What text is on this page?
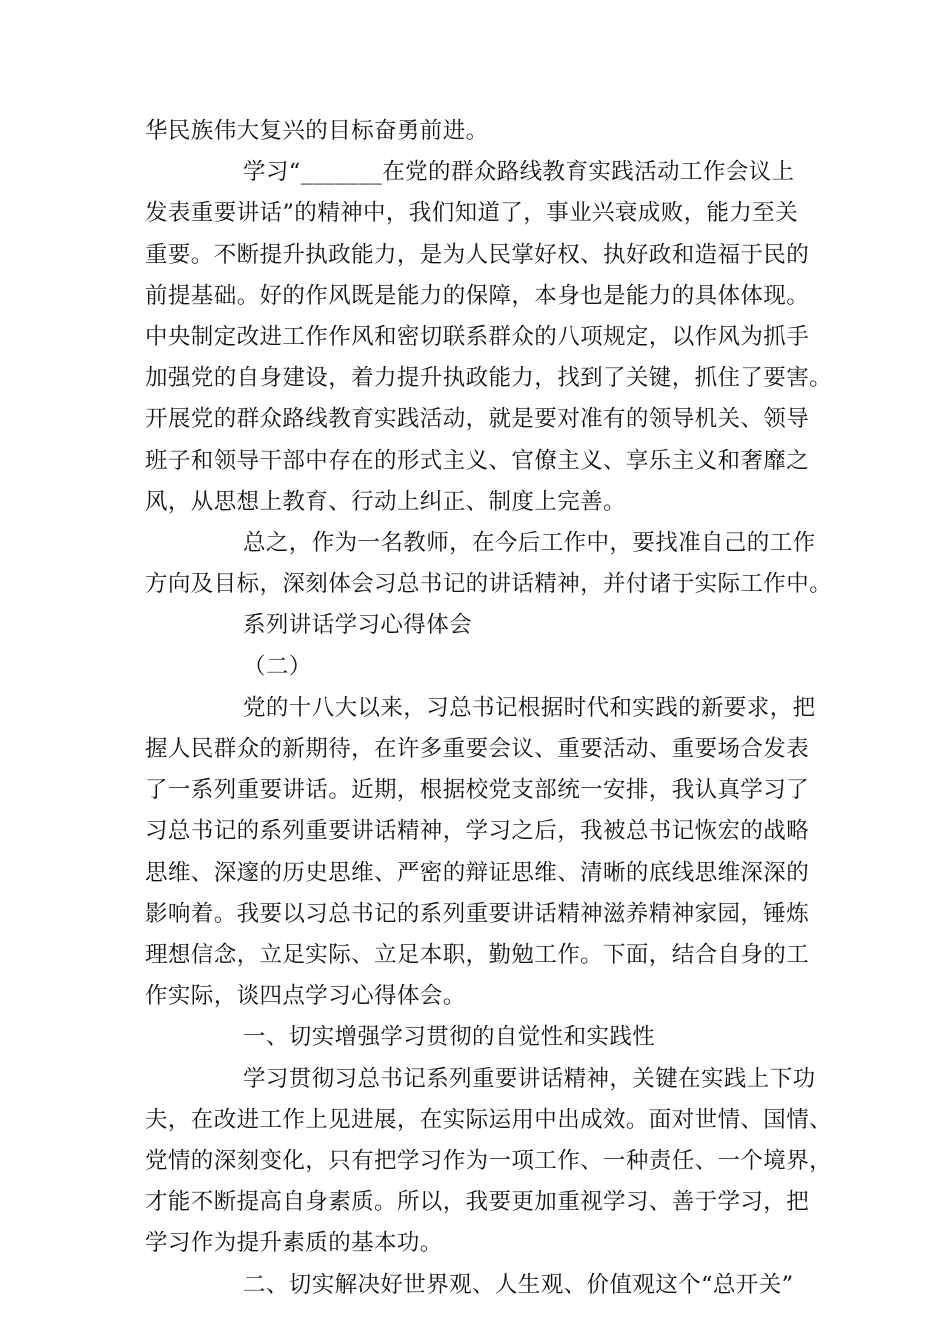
华民族伟大复兴的目标奋勇前进。
学习“_______在党的群众路线教育实践活动工作会议上
发表重要讲话”的精神中，我们知道了，事业兴衰成败，能力至关
重要。不断提升执政能力，是为人民掌好权、执好政和造福于民的
前提基础。好的作风既是能力的保障，本身也是能力的具体体现。
中央制定改进工作作风和密切联系群众的八项规定，以作风为抓手
加强党的自身建设，着力提升执政能力，找到了关键，抓住了要害。
开展党的群众路线教育实践活动，就是要对准有的领导机关、领导
班子和领导干部中存在的形式主义、官僚主义、享乐主义和奢靡之
风，从思想上教育、行动上纠正、制度上完善。
总之，作为一名教师，在今后工作中，要找准自己的工作
方向及目标，深刻体会习总书记的讲话精神，并付诸于实际工作中。
系列讲话学习心得体会
（二）
党的十八大以来，习总书记根据时代和实践的新要求，把
握人民群众的新期待，在许多重要会议、重要活动、重要场合发表
了一系列重要讲话。近期，根据校党支部统一安排，我认真学习了
习总书记的系列重要讲话精神，学习之后，我被总书记恢宏的战略
思维、深邃的历史思维、严密的辩证思维、清晰的底线思维深深的
影响着。我要以习总书记的系列重要讲话精神滋养精神家园，锤炼
理想信念，立足实际、立足本职，勤勉工作。下面，结合自身的工
作实际，谈四点学习心得体会。
一、切实增强学习贯彻的自觉性和实践性
学习贯彻习总书记系列重要讲话精神，关键在实践上下功
夫，在改进工作上见进展，在实际运用中出成效。面对世情、国情、
党情的深刻变化，只有把学习作为一项工作、一种责任、一个境界，
才能不断提高自身素质。所以，我要更加重视学习、善于学习，把
学习作为提升素质的基本功。
二、切实解决好世界观、人生观、价值观这个“总开关”
